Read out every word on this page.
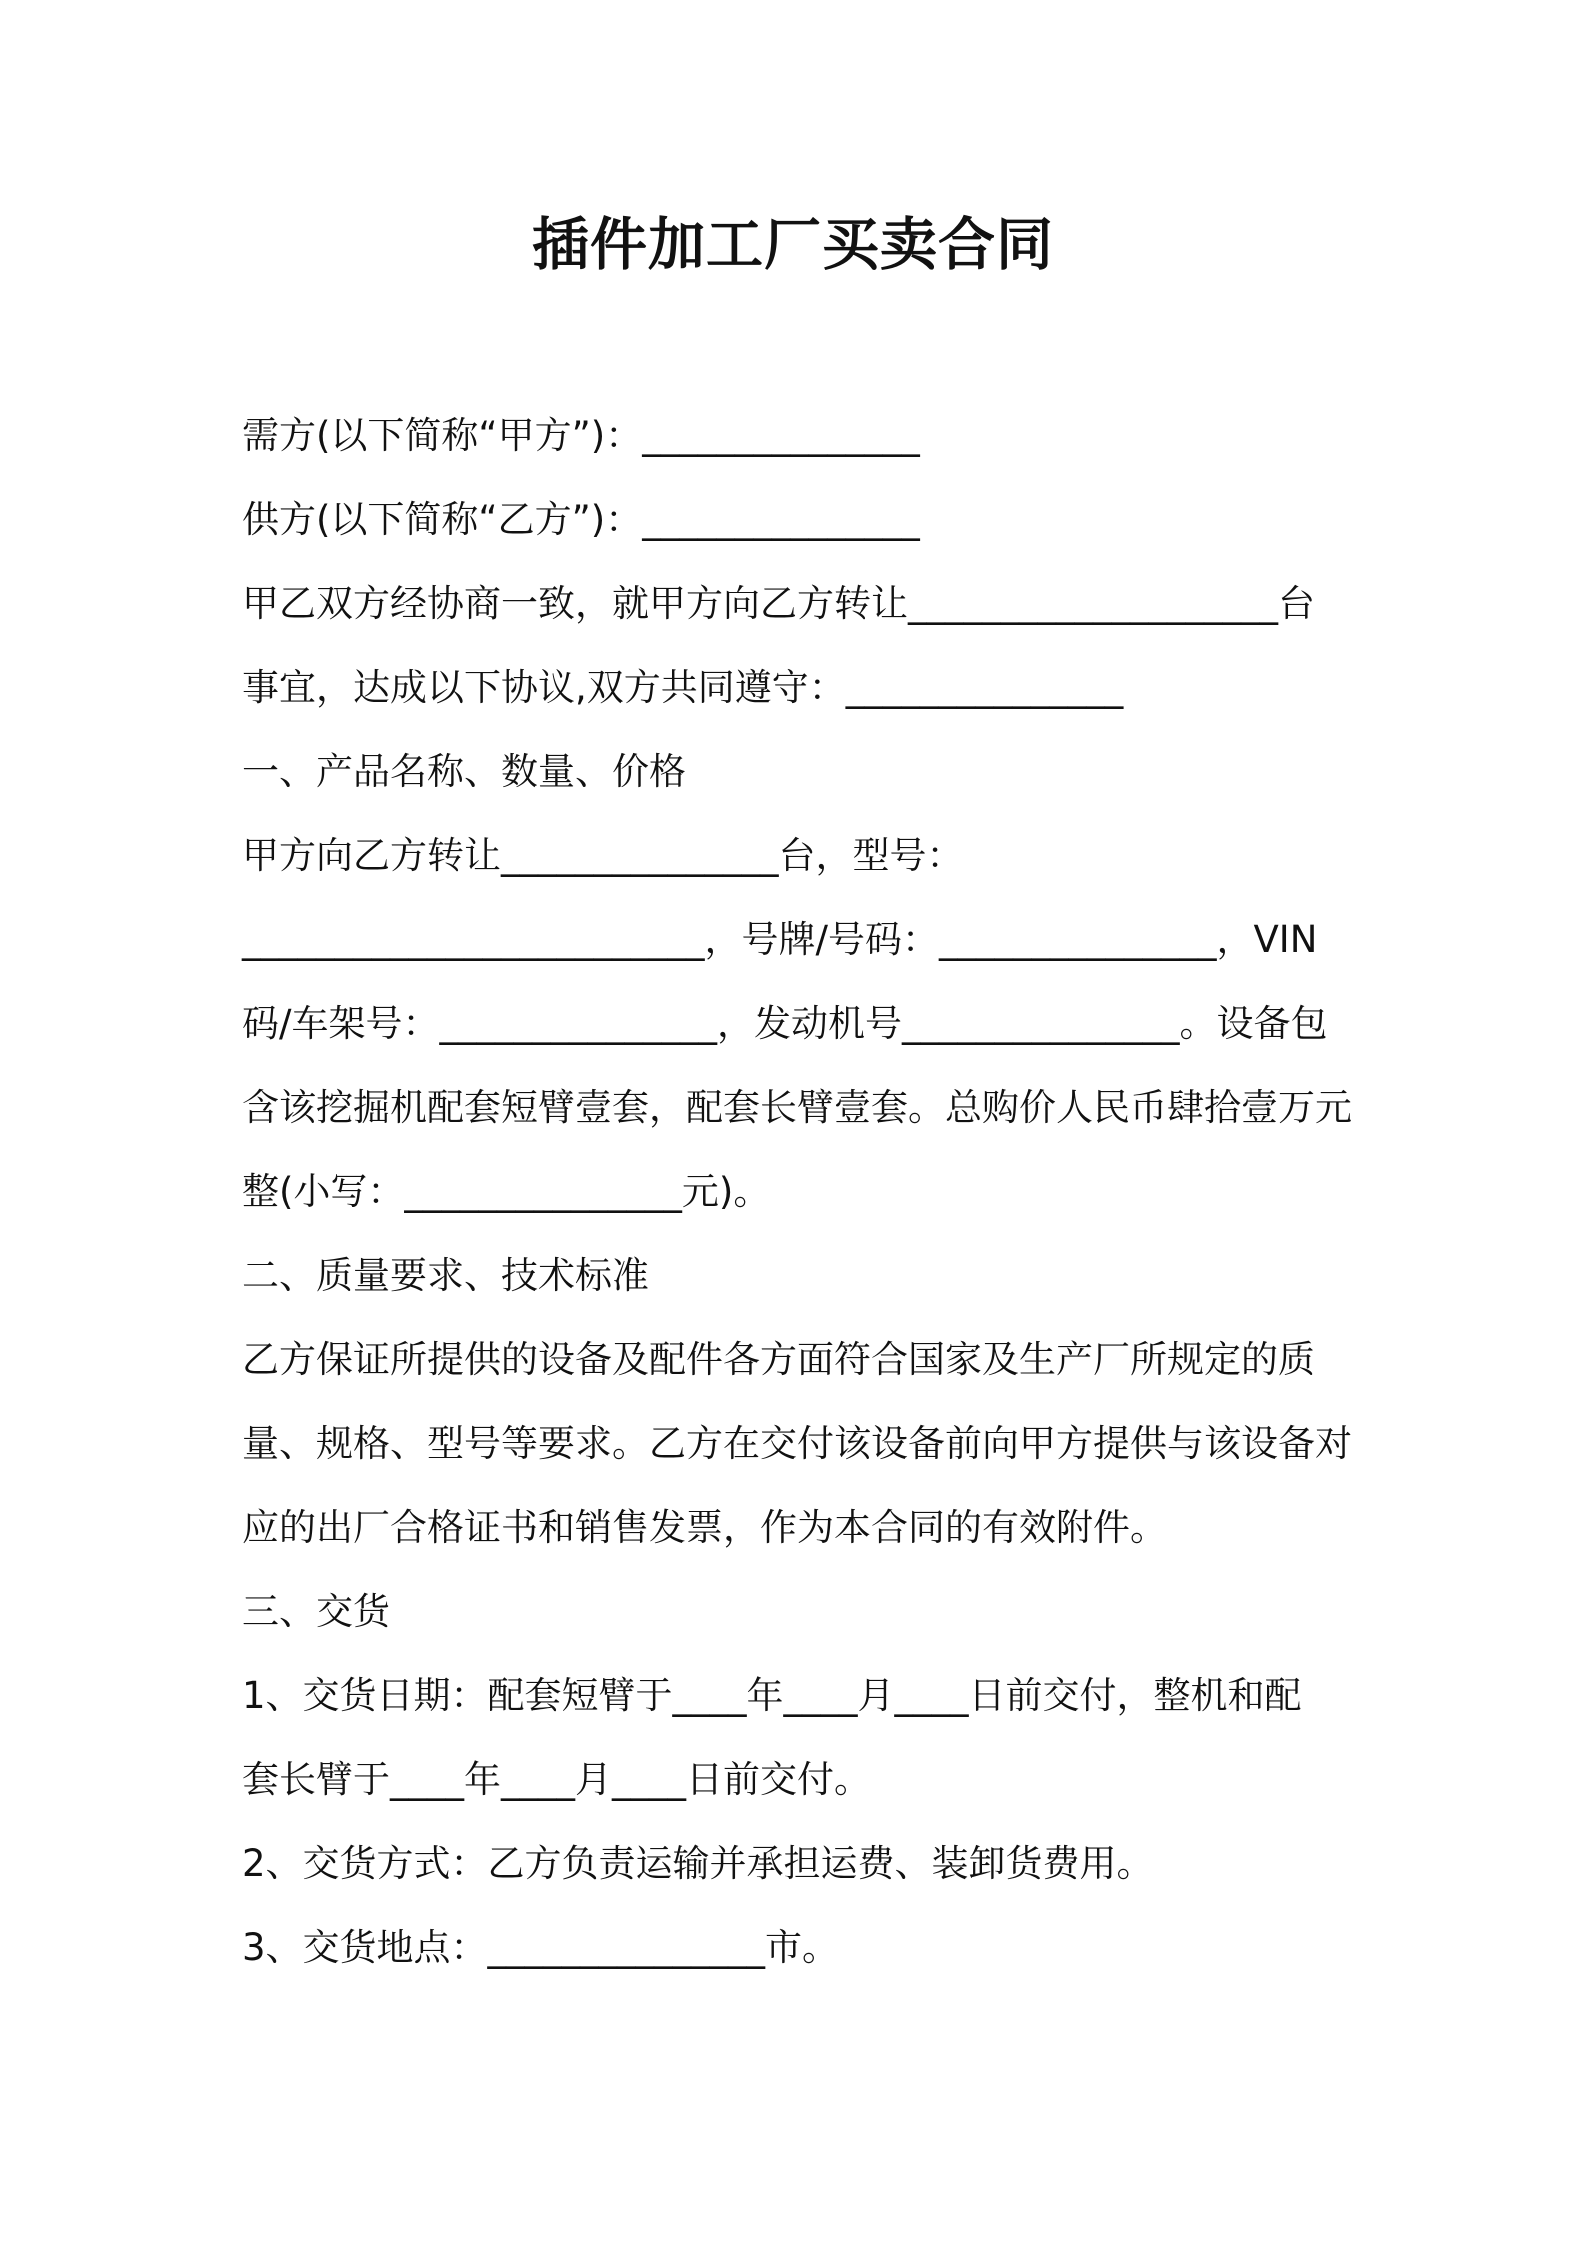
插件加工厂买卖合同
需方(以下简称“甲方”)：_______________
供方(以下简称“乙方”)：_______________
甲乙双方经协商一致，就甲方向乙方转让____________________台
事宜，达成以下协议,双方共同遵守：_______________
一、产品名称、数量、价格
甲方向乙方转让_______________台，型号：
_________________________，号牌/号码：_______________，VIN
码/车架号：_______________，发动机号_______________。设备包
含该挖掘机配套短臂壹套，配套长臂壹套。总购价人民币肆拾壹万元
整(小写：_______________元)。
二、质量要求、技术标准
乙方保证所提供的设备及配件各方面符合国家及生产厂所规定的质
量、规格、型号等要求。乙方在交付该设备前向甲方提供与该设备对
应的出厂合格证书和销售发票，作为本合同的有效附件。
三、交货
1、交货日期：配套短臂于____年____月____日前交付，整机和配
套长臂于____年____月____日前交付。
2、交货方式：乙方负责运输并承担运费、装卸货费用。
3、交货地点：_______________市。
